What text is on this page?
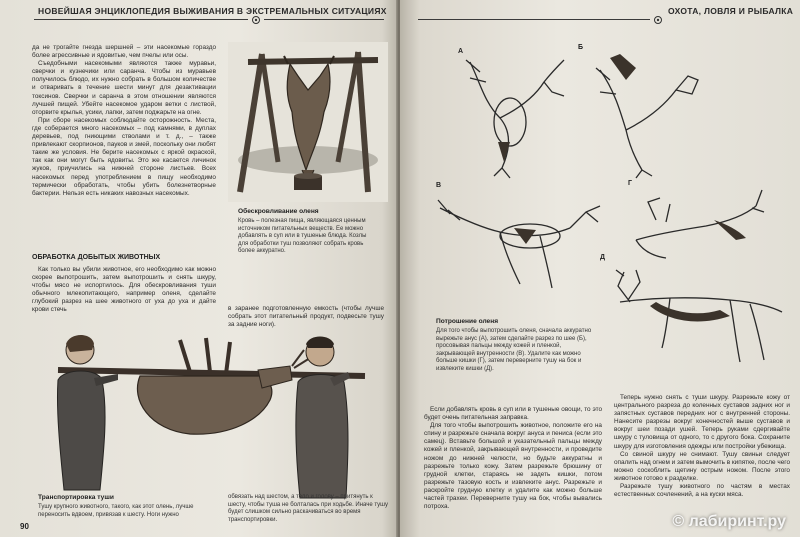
НОВЕЙШАЯ ЭНЦИКЛОПЕДИЯ ВЫЖИВАНИЯ В ЭКСТРЕМАЛЬНЫХ СИТУАЦИЯХ

да не трогайте гнезда шершней – эти насекомые гораздо более агрессивные и ядовитые, чем пчелы или осы.

Съедобными насекомыми являются также муравьи, сверчки и кузнечики или саранча. Чтобы из муравьев получилось блюдо, их нужно собрать в большом количестве и отваривать в течение шести минут для дезактивации токсинов. Сверчки и саранча в этом отношении являются лучшей пищей. Убейте насекомое ударом ветки с листвой, оторвите крылья, усики, лапки, затем поджарьте на огне.

При сборе насекомых соблюдайте осторожность. Места, где соберается много насекомых – под камнями, в дуплах деревьев, под гниющими стволами и т. д., – также привлекают скорпионов, пауков и змей, поскольку они любят такие же условия. Не берите насекомых с яркой окраской, так как они могут быть ядовиты. Это же касается личинок жуков, приучились на нижней стороне листьев. Всех насекомых перед употреблением в пищу необходимо термически обработать, чтобы убить болезнетворные бактерии. Нельзя есть никаких навозных насекомых.

ОБРАБОТКА ДОБЫТЫХ ЖИВОТНЫХ

Как только вы убили животное, его необходимо как можно скорее выпотрошить, затем выпотрошить и снять шкуру, чтобы мясо не испортилось. Для обескровливания туши обычного млекопитающего, например оленя, сделайте глубокий разрез на шее животного от уха до уха и дайте крови стечь

Обескровливание оленя

Кровь – полезная пища, являющаяся ценным источником питательных веществ. Ее можно добавлять в суп или в тушеные блюда. Козлы для обработки туш позволяют собрать кровь более аккуратно.

в заранее подготовленную емкость (чтобы лучше собрать этот питательный продукт, подвесьте тушу за задние ноги).

Транспортировка туши

Тушу крупного животного, такого, как этот олень, лучше переносить вдвоем, привязав к шесту. Ноги нужно

обвязать над шестом, а тело и голову – притянуть к шесту, чтобы туша не болталась при ходьбе. Иначе тушу будет слишком сильно раскачиваться во время транспортировки.

90
ОХОТА, ЛОВЛЯ И РЫБАЛКА
А
Б
В	Г
Д
Потрошение оленя

Для того чтобы выпотрошить оленя, сначала аккуратно вырежьте анус (А), затем сделайте разрез по шее (Б), просовывая пальцы между кожей и пленкой, закрывающей внутренности (В). Удалите как можно больше кишки (Г), затем переверните тушу на бок и извлеките кишки (Д).

Если добавлять кровь в суп или в тушеные овощи, то это будет очень питательная заправка.

Для того чтобы выпотрошить животное, положите его на спину и разрежьте сначала вокруг ануса и пениса (если это самец). Вставьте большой и указательный пальцы между кожей и пленкой, закрывающей внутренности, и проведите ножом до нижней челюсти, но будьте аккуратны и разрежьте только кожу. Затем разрежьте брюшину от грудной клетки, стараясь не задеть кишки, потом разрежьте тазовую кость и извлеките анус. Разрежьте и раскройте грудную клетку и удалите как можно больше частей трахеи. Переверните тушу на бок, чтобы вывались потроха.

Теперь нужно снять с туши шкуру. Разрежьте кожу от центрального разреза до коленных суставов задних ног и запястных суставов передних ног с внутренней стороны. Нанесите разрезы вокруг конечностей выше суставов и вокруг шеи позади ушей. Теперь руками сдергивайте шкуру с туловища от одного, то с другого бока. Сохраните шкуру для изготовления одежды или постройки убежища.

Со свиной шкуру не снимают. Тушу свиньи следует опалить над огнем и затем вымочить в кипятке, после чего можно соскоблить щетину острым ножом. После этого животное готово к разделке.

Разрежьте тушу животного по частям в местах естественных сочленений, а на куски мяса.

© лабиринт.ру
